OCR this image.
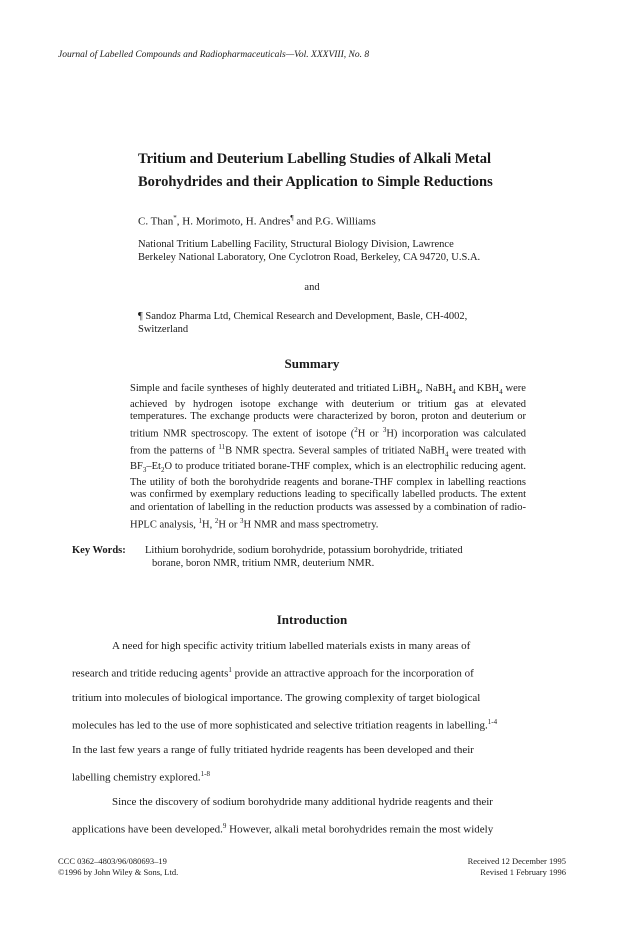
Journal of Labelled Compounds and Radiopharmaceuticals—Vol. XXXVIII, No. 8
Tritium and Deuterium Labelling Studies of Alkali Metal
Borohydrides and their Application to Simple Reductions
C. Than*, H. Morimoto, H. Andres¶ and P.G. Williams
National Tritium Labelling Facility, Structural Biology Division, Lawrence
Berkeley National Laboratory, One Cyclotron Road, Berkeley, CA 94720, U.S.A.
and
¶ Sandoz Pharma Ltd, Chemical Research and Development, Basle, CH-4002,
Switzerland
Summary
Simple and facile syntheses of highly deuterated and tritiated LiBH$_4$, NaBH$_4$ and $KBH_4$ were achieved by hydrogen isotope exchange with deuterium or tritium gas at elevated temperatures. The exchange products were characterized by boron, proton and deuterium or tritium NMR spectroscopy. The extent of isotope ($^2$H or $^3$H) incorporation was calculated from the patterns of $^{11}$B NMR spectra. Several samples of tritiated NaBH$_4$ were treated with $BF_3-Et_2O$ to produce tritiated borane-THF complex, which is an electrophilic reducing agent. The utility of both the borohydride reagents and borane-THF complex in labelling reactions was confirmed by exemplary reductions leading to specifically labelled products. The extent and orientation of labelling in the reduction products was assessed by a combination of radio-HPLC analysis, $^1$H, $^2$H or $^3$H NMR and mass spectrometry.
Key Words: Lithium borohydride, sodium borohydride, potassium borohydride, tritiated
borane, boron NMR, tritium NMR, deuterium NMR.
Introduction
A need for high specific activity tritium labelled materials exists in many areas of
research and tritide reducing agents$^1$ provide an attractive approach for the incorporation of
tritium into molecules of biological importance. The growing complexity of target biological
molecules has led to the use of more sophisticated and selective tritiation reagents in labelling.$^{1-4}$
In the last few years a range of fully tritiated hydride reagents has been developed and their
labelling chemistry explored.$^{1-8}$
Since the discovery of sodium borohydride many additional hydride reagents and their
applications have been developed.$^9$ However, alkali metal borohydrides remain the most widely
CCC 0362–4803/96/080693–19
©1996 by John Wiley & Sons, Ltd.
Received 12 December 1995
Revised 1 February 1996
